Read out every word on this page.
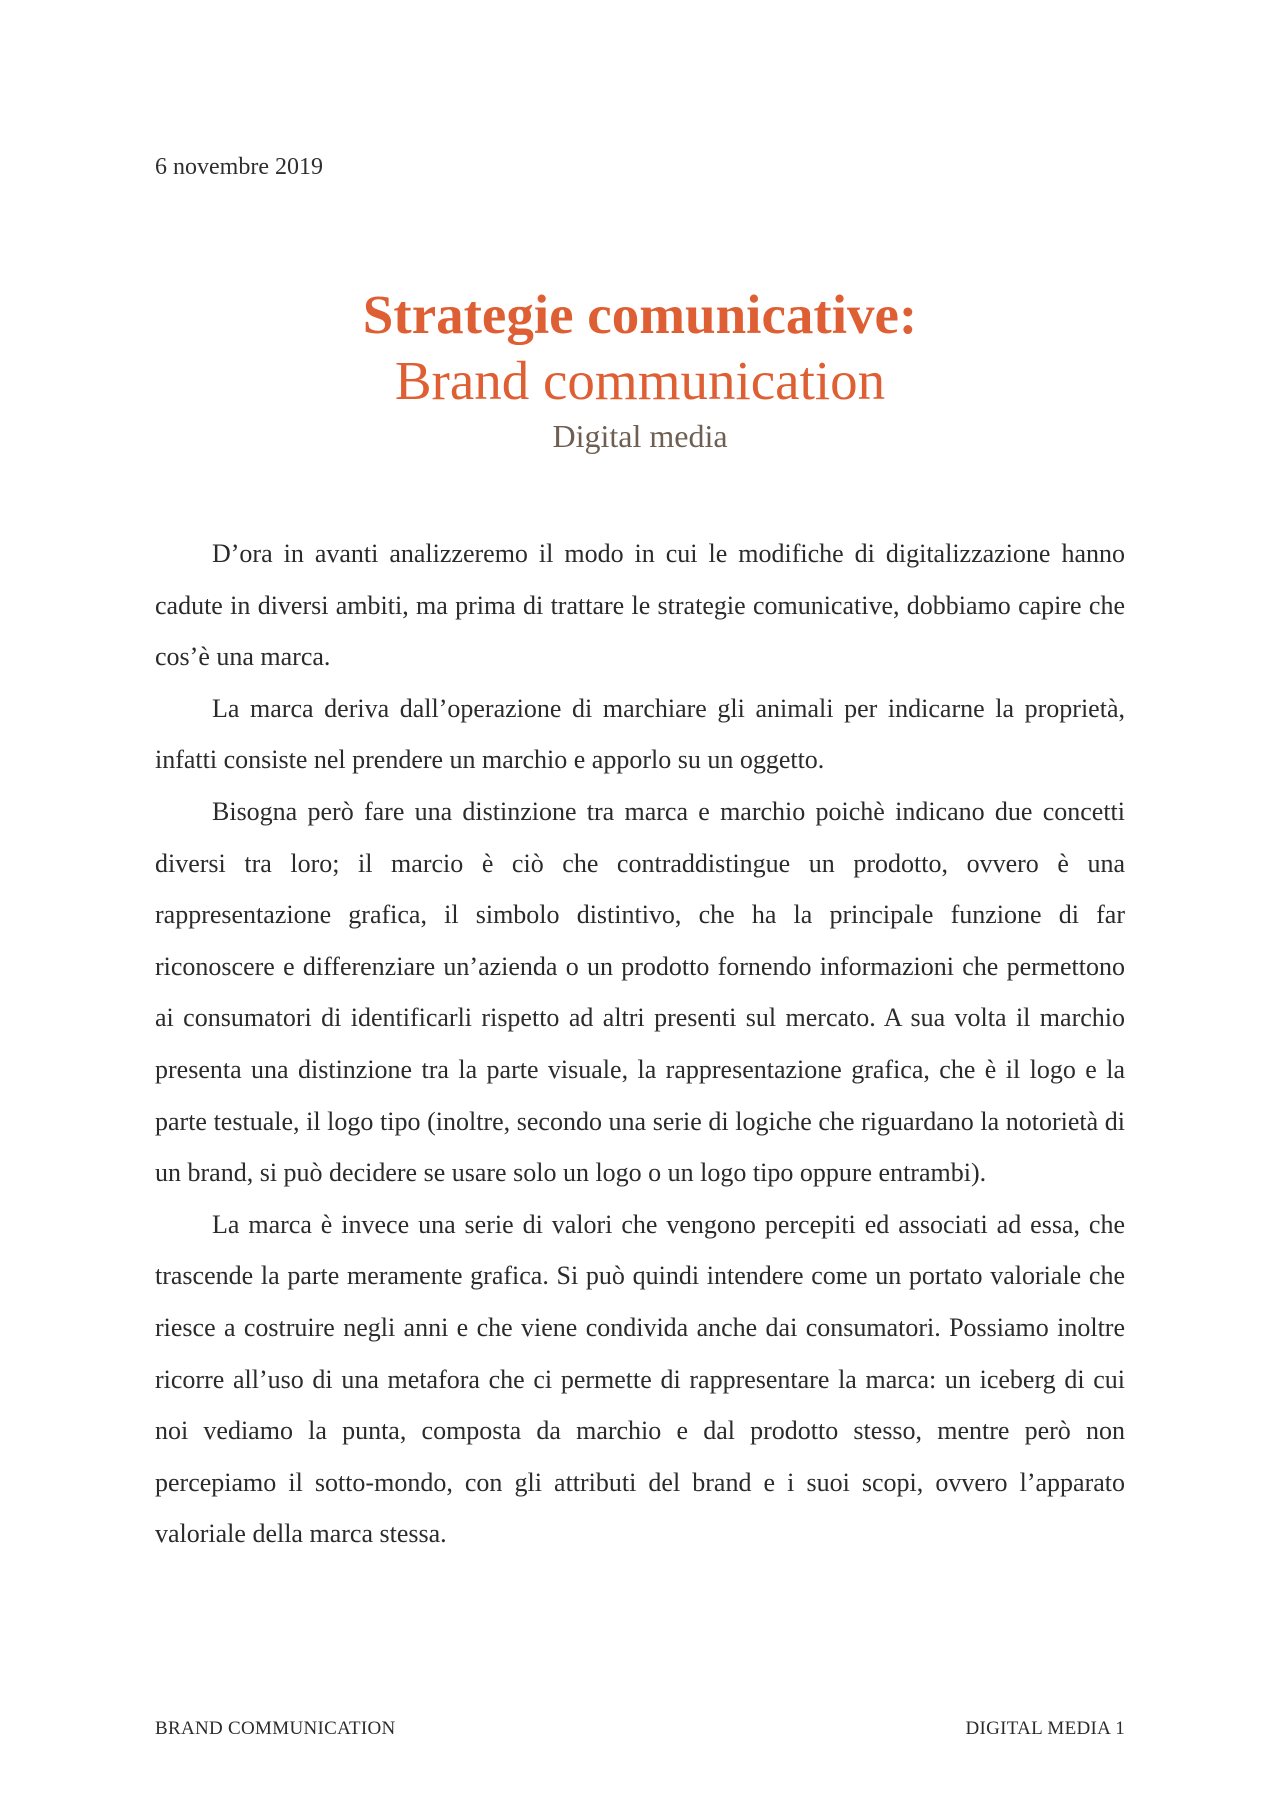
6 novembre 2019
Strategie comunicative:
Brand communication
Digital media

D’ora in avanti analizzeremo il modo in cui le modifiche di digitalizzazione hanno cadute in diversi ambiti, ma prima di trattare le strategie comunicative, dobbiamo capire che cos’è una marca.

La marca deriva dall’operazione di marchiare gli animali per indicarne la proprietà, infatti consiste nel prendere un marchio e apporlo su un oggetto.

Bisogna però fare una distinzione tra marca e marchio poichè indicano due concetti diversi tra loro; il marcio è ciò che contraddistingue un prodotto, ovvero è una rappresentazione grafica, il simbolo distintivo, che ha la principale funzione di far riconoscere e differenziare un’azienda o un prodotto fornendo informazioni che permettono ai consumatori di identificarli rispetto ad altri presenti sul mercato. A sua volta il marchio presenta una distinzione tra la parte visuale, la rappresentazione grafica, che è il logo e la parte testuale, il logo tipo (inoltre, secondo una serie di logiche che riguardano la notorietà di un brand, si può decidere se usare solo un logo o un logo tipo oppure entrambi).

La marca è invece una serie di valori che vengono percepiti ed associati ad essa, che trascende la parte meramente grafica. Si può quindi intendere come un portato valoriale che riesce a costruire negli anni e che viene condivida anche dai consumatori. Possiamo inoltre ricorre all’uso di una metafora che ci permette di rappresentare la marca: un iceberg di cui noi vediamo la punta, composta da marchio e dal prodotto stesso, mentre però non percepiamo il sotto-mondo, con gli attributi del brand e i suoi scopi, ovvero l’apparato valoriale della marca stessa.

BRAND COMMUNICATION	DIGITAL MEDIA 1
